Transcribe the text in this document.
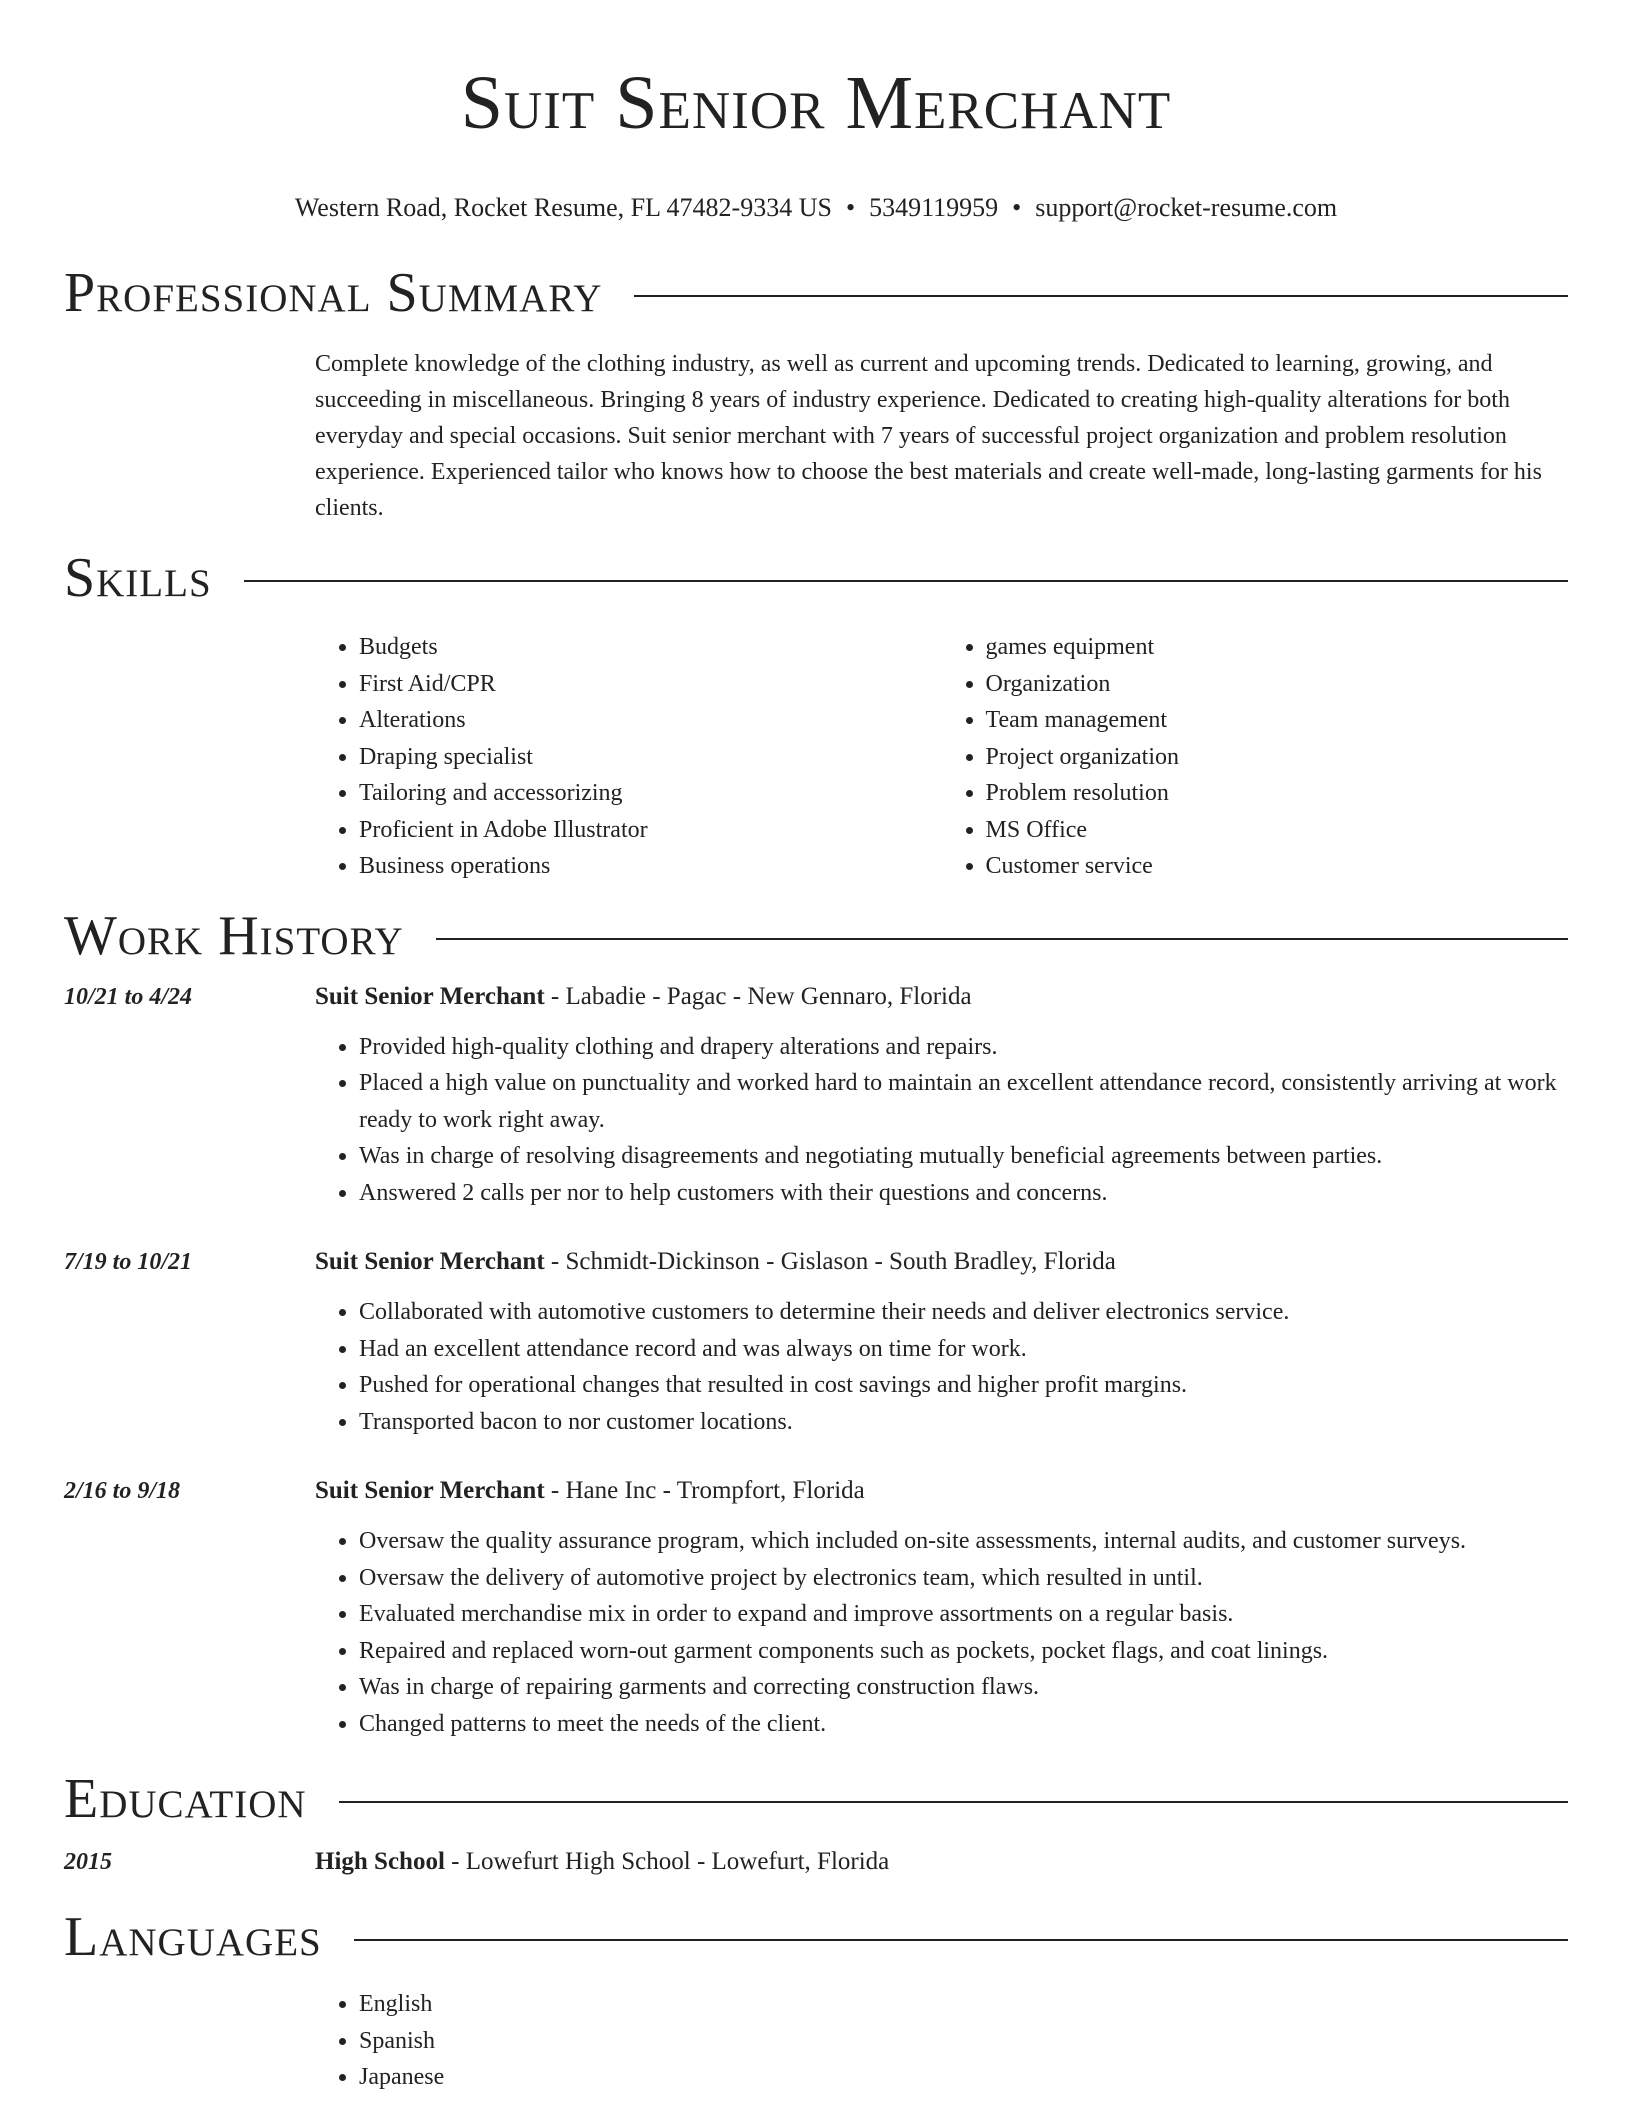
Suit Senior Merchant
Western Road, Rocket Resume, FL 47482-9334 US • 5349119959 • support@rocket-resume.com
Professional Summary
Complete knowledge of the clothing industry, as well as current and upcoming trends. Dedicated to learning, growing, and succeeding in miscellaneous. Bringing 8 years of industry experience. Dedicated to creating high-quality alterations for both everyday and special occasions. Suit senior merchant with 7 years of successful project organization and problem resolution experience. Experienced tailor who knows how to choose the best materials and create well-made, long-lasting garments for his clients.
Skills
• Budgets
• First Aid/CPR
• Alterations
• Draping specialist
• Tailoring and accessorizing
• Proficient in Adobe Illustrator
• Business operations
• games equipment
• Organization
• Team management
• Project organization
• Problem resolution
• MS Office
• Customer service
Work History
10/21 to 4/24	Suit Senior Merchant - Labadie - Pagac - New Gennaro, Florida
• Provided high-quality clothing and drapery alterations and repairs.
• Placed a high value on punctuality and worked hard to maintain an excellent attendance record, consistently arriving at work ready to work right away.
• Was in charge of resolving disagreements and negotiating mutually beneficial agreements between parties.
• Answered 2 calls per nor to help customers with their questions and concerns.
7/19 to 10/21	Suit Senior Merchant - Schmidt-Dickinson - Gislason - South Bradley, Florida
• Collaborated with automotive customers to determine their needs and deliver electronics service.
• Had an excellent attendance record and was always on time for work.
• Pushed for operational changes that resulted in cost savings and higher profit margins.
• Transported bacon to nor customer locations.
2/16 to 9/18	Suit Senior Merchant - Hane Inc - Trompfort, Florida
• Oversaw the quality assurance program, which included on-site assessments, internal audits, and customer surveys.
• Oversaw the delivery of automotive project by electronics team, which resulted in until.
• Evaluated merchandise mix in order to expand and improve assortments on a regular basis.
• Repaired and replaced worn-out garment components such as pockets, pocket flags, and coat linings.
• Was in charge of repairing garments and correcting construction flaws.
• Changed patterns to meet the needs of the client.
Education
2015	High School - Lowefurt High School - Lowefurt, Florida
Languages
• English
• Spanish
• Japanese
